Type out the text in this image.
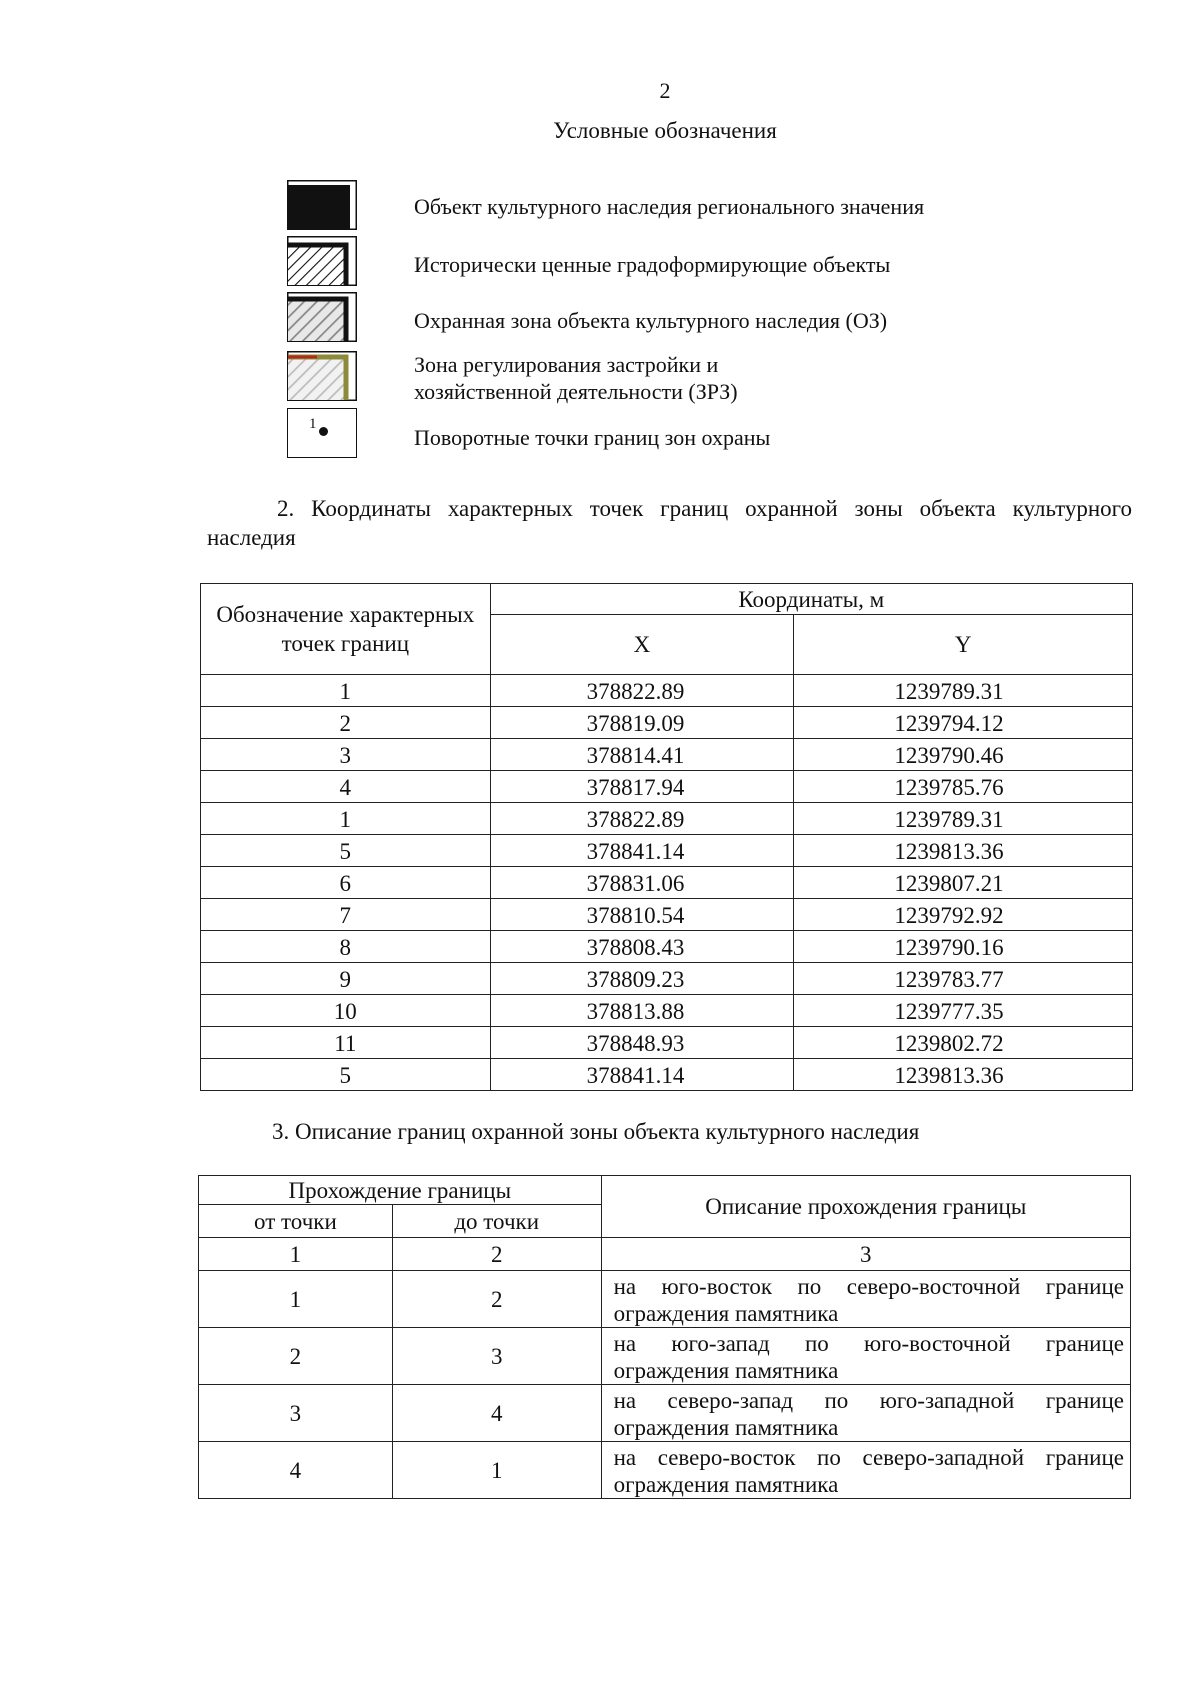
2
Условные обозначения
Объект культурного наследия регионального значения
Исторически ценные градоформирующие объекты
Охранная зона объекта культурного наследия (ОЗ)
Зона регулирования застройки и
хозяйственной деятельности (ЗРЗ)
1
Поворотные точки границ зон охраны
2. Координаты характерных точек границ охранной зоны объекта культурного наследия
Обозначение характерных точек границ	Координаты, м	
	X	Y
1	378822.89	1239789.31
2	378819.09	1239794.12
3	378814.41	1239790.46
4	378817.94	1239785.76
1	378822.89	1239789.31
5	378841.14	1239813.36
6	378831.06	1239807.21
7	378810.54	1239792.92
8	378808.43	1239790.16
9	378809.23	1239783.77
10	378813.88	1239777.35
11	378848.93	1239802.72
5	378841.14	1239813.36
3. Описание границ охранной зоны объекта культурного наследия
Прохождение границы		Описание прохождения границы
от точки	до точки	
1	2	3
1	2	на юго-восток по северо-восточной границе ограждения памятника
2	3	на юго-запад по юго-восточной границе ограждения памятника
3	4	на северо-запад по юго-западной границе ограждения памятника
4	1	на северо-восток по северо-западной границе ограждения памятника
